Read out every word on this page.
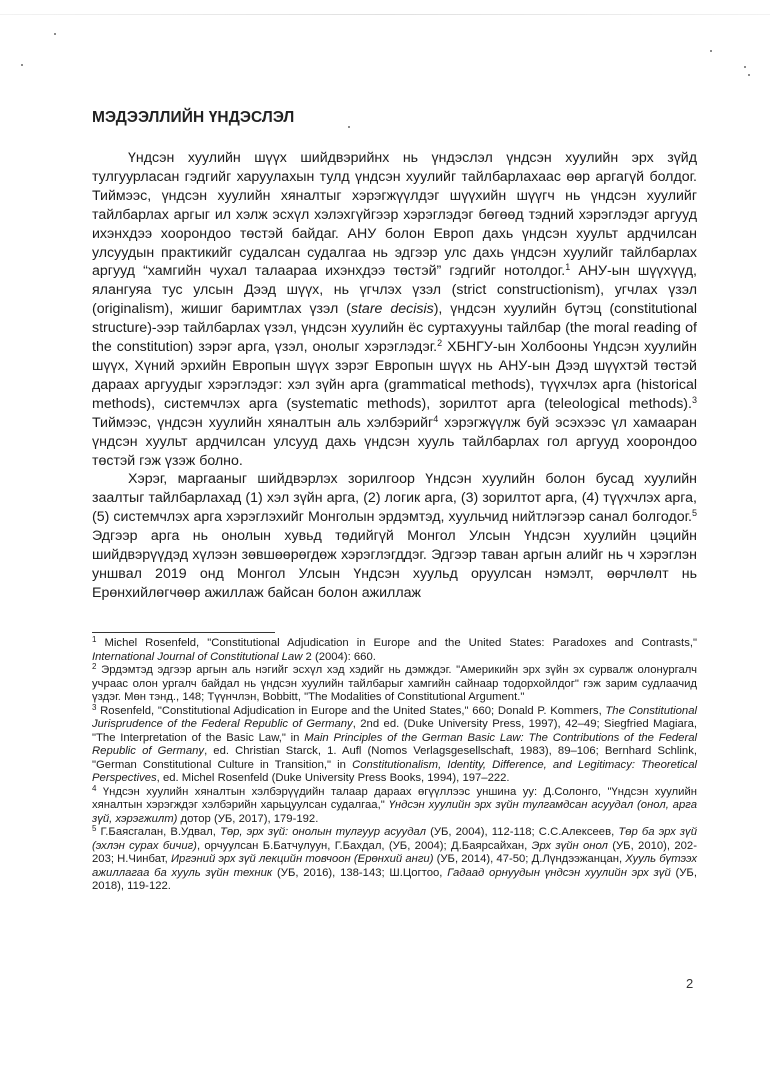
МЭДЭЭЛЛИЙН ҮНДЭСЛЭЛ

Үндсэн хуулийн шүүх шийдвэрийнх нь үндэслэл үндсэн хуулийн эрх зүйд тулгуурласан гэдгийг харуулахын тулд үндсэн хуулийг тайлбарлахаас өөр аргагүй болдог. Тиймээс, үндсэн хуулийн хяналтыг хэрэгжүүлдэг шүүхийн шүүгч нь үндсэн хуулийг тайлбарлах аргыг ил хэлж эсхүл хэлэхгүйгээр хэрэглэдэг бөгөөд тэдний хэрэглэдэг аргууд ихэнхдээ хоорондоо төстэй байдаг. АНУ болон Европ дахь үндсэн хуульт ардчилсан улсуудын практикийг судалсан судалгаа нь эдгээр улс дахь үндсэн хуулийг тайлбарлах аргууд “хамгийн чухал талаараа ихэнхдээ төстэй” гэдгийг нотолдог.$^1$ АНУ-ын шүүхүүд, ялангуяа тус улсын Дээд шүүх, нь үгчлэх үзэл (strict constructionism), угчлах үзэл (originalism), жишиг баримтлах үзэл (stare decisis), үндсэн хуулийн бүтэц (constitutional structure)-ээр тайлбарлах үзэл, үндсэн хуулийн ёс суртахууны тайлбар (the moral reading of the constitution) зэрэг арга, үзэл, онолыг хэрэглэдэг.$^2$ ХБНГУ-ын Холбооны Үндсэн хуулийн шүүх, Хүний эрхийн Европын шүүх зэрэг Европын шүүх нь АНУ-ын Дээд шүүхтэй төстэй дараах аргуудыг хэрэглэдэг: хэл зүйн арга (grammatical methods), түүхчлэх арга (historical methods), системчлэх арга (systematic methods), зорилтот арга (teleological methods).$^3$ Тиймээс, үндсэн хуулийн хяналтын аль хэлбэрийг$^4$ хэрэгжүүлж буй эсэхээс үл хамааран үндсэн хуульт ардчилсан улсууд дахь үндсэн хууль тайлбарлах гол аргууд хоорондоо төстэй гэж үзэж болно.

Хэрэг, маргааныг шийдвэрлэх зорилгоор Үндсэн хуулийн болон бусад хуулийн заалтыг тайлбарлахад (1) хэл зүйн арга, (2) логик арга, (3) зорилтот арга, (4) түүхчлэх арга, (5) системчлэх арга хэрэглэхийг Монголын эрдэмтэд, хуульчид нийтлэгээр санал болгодог.$^5$ Эдгээр арга нь онолын хувьд төдийгүй Монгол Улсын Үндсэн хуулийн цэцийн шийдвэрүүдэд хүлээн зөвшөөрөгдөж хэрэглэгддэг. Эдгээр таван аргын алийг нь ч хэрэглэн уншвал 2019 онд Монгол Улсын Үндсэн хуульд оруулсан нэмэлт, өөрчлөлт нь Ерөнхийлөгчөөр ажиллаж байсан болон ажиллаж

$^1$ Michel Rosenfeld, "Constitutional Adjudication in Europe and the United States: Paradoxes and Contrasts," International Journal of Constitutional Law 2 (2004): 660.

$^2$ Эрдэмтэд эдгээр аргын аль нэгийг эсхүл хэд хэдийг нь дэмждэг. "Америкийн эрх зүйн эх сурвалж олонургалч учраас олон ургалч байдал нь үндсэн хуулийн тайлбарыг хамгийн сайнаар тодорхойлдог" гэж зарим судлаачид үздэг. Мөн тэнд., 148; Түүнчлэн, Bobbitt, "The Modalities of Constitutional Argument."

$^3$ Rosenfeld, "Constitutional Adjudication in Europe and the United States," 660; Donald P. Kommers, The Constitutional Jurisprudence of the Federal Republic of Germany, 2nd ed. (Duke University Press, 1997), 42–49; Siegfried Magiara, "The Interpretation of the Basic Law," in Main Principles of the German Basic Law: The Contributions of the Federal Republic of Germany, ed. Christian Starck, 1. Aufl (Nomos Verlagsgesellschaft, 1983), 89–106; Bernhard Schlink, "German Constitutional Culture in Transition," in Constitutionalism, Identity, Difference, and Legitimacy: Theoretical Perspectives, ed. Michel Rosenfeld (Duke University Press Books, 1994), 197–222.

$^4$ Үндсэн хуулийн хяналтын хэлбэрүүдийн талаар дараах өгүүллээс уншина уу: Д.Солонго, "Үндсэн хуулийн хяналтын хэрэгждэг хэлбэрийн харьцуулсан судалгаа," Үндсэн хуулийн эрх зүйн тулгамдсан асуудал (онол, арга зүй, хэрэгжилт) дотор (УБ, 2017), 179-192.

$^5$ Г.Баясгалан, В.Удвал, Төр, эрх зүй: онолын тулгуур асуудал (УБ, 2004), 112-118; С.С.Алексеев, Төр ба эрх зүй (эхлэн сурах бичиг), орчуулсан Б.Батчулуун, Г.Бахдал, (УБ, 2004); Д.Баярсайхан, Эрх зүйн онол (УБ, 2010), 202-203; Н.Чинбат, Иргэний эрх зүй лекцийн товчоон (Ерөнхий анги) (УБ, 2014), 47-50; Д.Лүндээжанцан, Хууль бүтээх ажиллагаа ба хууль зүйн техник (УБ, 2016), 138-143; Ш.Цогтоо, Гадаад орнуудын үндсэн хуулийн эрх зүй (УБ, 2018), 119-122.

2
